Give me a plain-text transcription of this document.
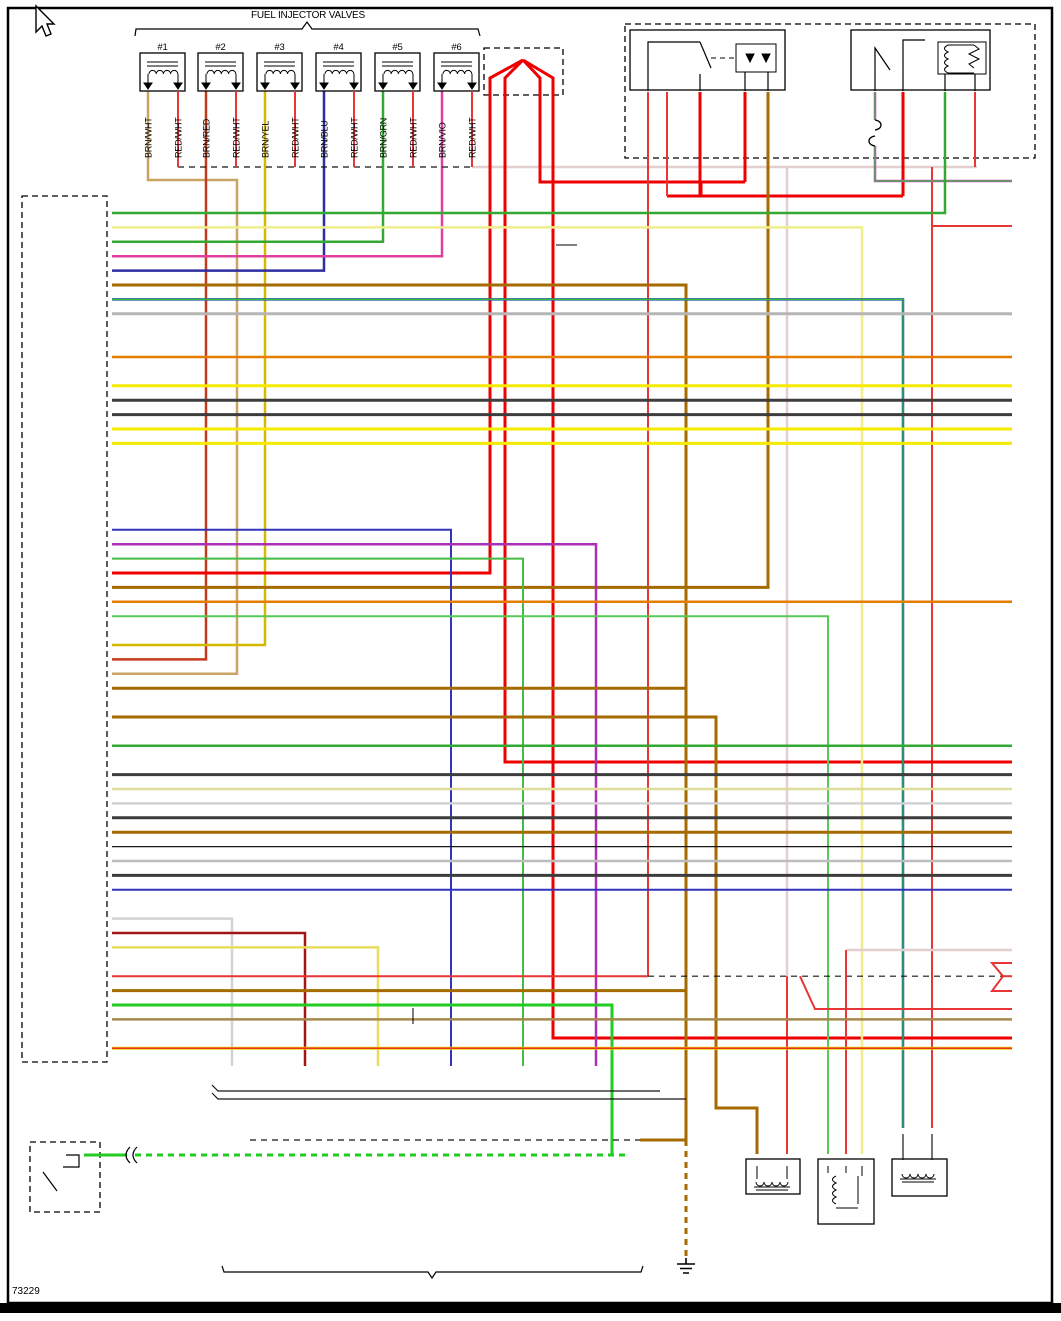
#1
BRN/WHT RED/WHT
#2
BRN/RED RED/WHT
#3
BRN/YEL RED/WHT
#4
BRN/BLU RED/WHT
#5
BRN/GRN RED/WHT
#6
BRN/VIO RED/WHT
FUEL INJECTOR VALVES
73229
